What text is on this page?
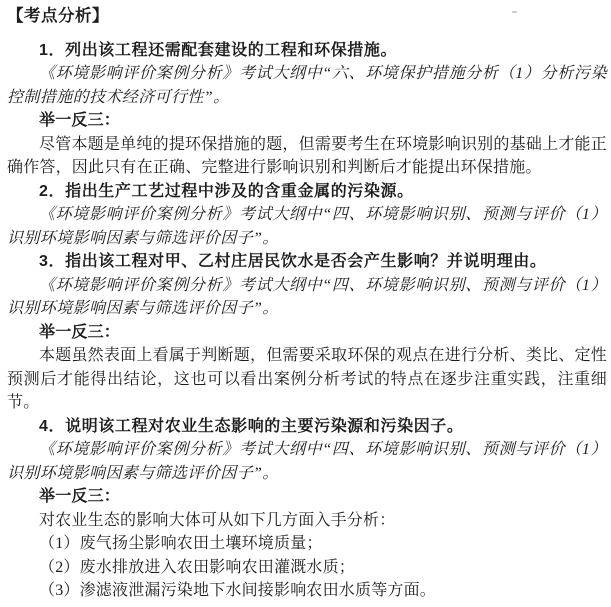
【考点分析】

1．列出该工程还需配套建设的工程和环保措施。

《环境影响评价案例分析》考试大纲中“六、环境保护措施分析（1）分析污染控制措施的技术经济可行性”。

举一反三：

尽管本题是单纯的提环保措施的题，但需要考生在环境影响识别的基础上才能正确作答，因此只有在正确、完整进行影响识别和判断后才能提出环保措施。

2．指出生产工艺过程中涉及的含重金属的污染源。

《环境影响评价案例分析》考试大纲中“四、环境影响识别、预测与评价（1）识别环境影响因素与筛选评价因子”。

3．指出该工程对甲、乙村庄居民饮水是否会产生影响？并说明理由。

《环境影响评价案例分析》考试大纲中“四、环境影响识别、预测与评价（1）识别环境影响因素与筛选评价因子”。

举一反三：

本题虽然表面上看属于判断题，但需要采取环保的观点在进行分析、类比、定性预测后才能得出结论，这也可以看出案例分析考试的特点在逐步注重实践，注重细节。

4．说明该工程对农业生态影响的主要污染源和污染因子。

《环境影响评价案例分析》考试大纲中“四、环境影响识别、预测与评价（1）识别环境影响因素与筛选评价因子”。

举一反三：

对农业生态的影响大体可从如下几方面入手分析：

（1）废气扬尘影响农田土壤环境质量；

（2）废水排放进入农田影响农田灌溉水质；

（3）渗滤液泄漏污染地下水间接影响农田水质等方面。
